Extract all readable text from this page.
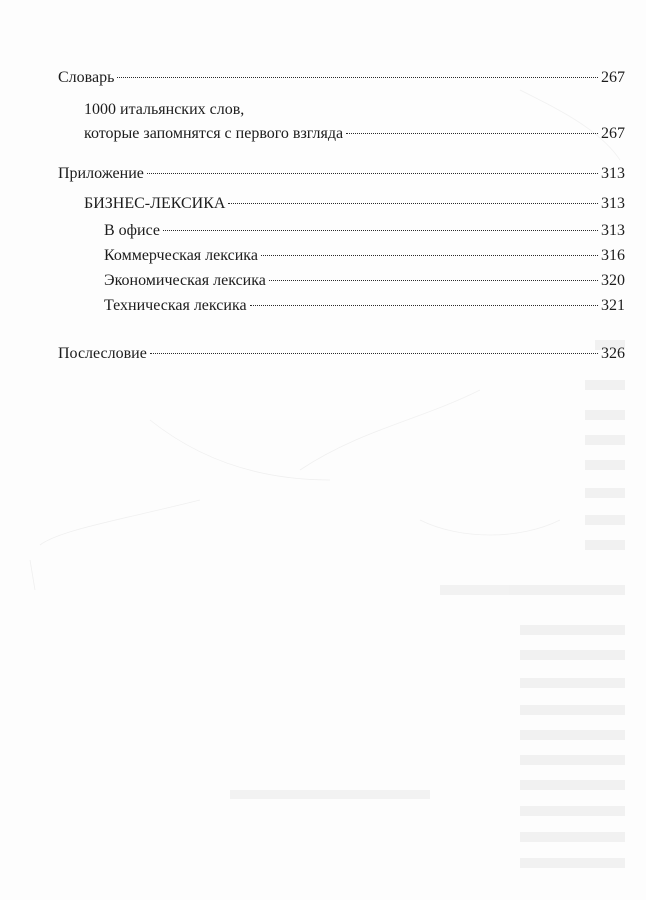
Словарь	267
1000 итальянских слов,
которые запомнятся с первого взгляда	267
Приложение	313
БИЗНЕС-ЛЕКСИКА	313
В офисе	313
Коммерческая лексика	316
Экономическая лексика	320
Техническая лексика	321
Послесловие	326
